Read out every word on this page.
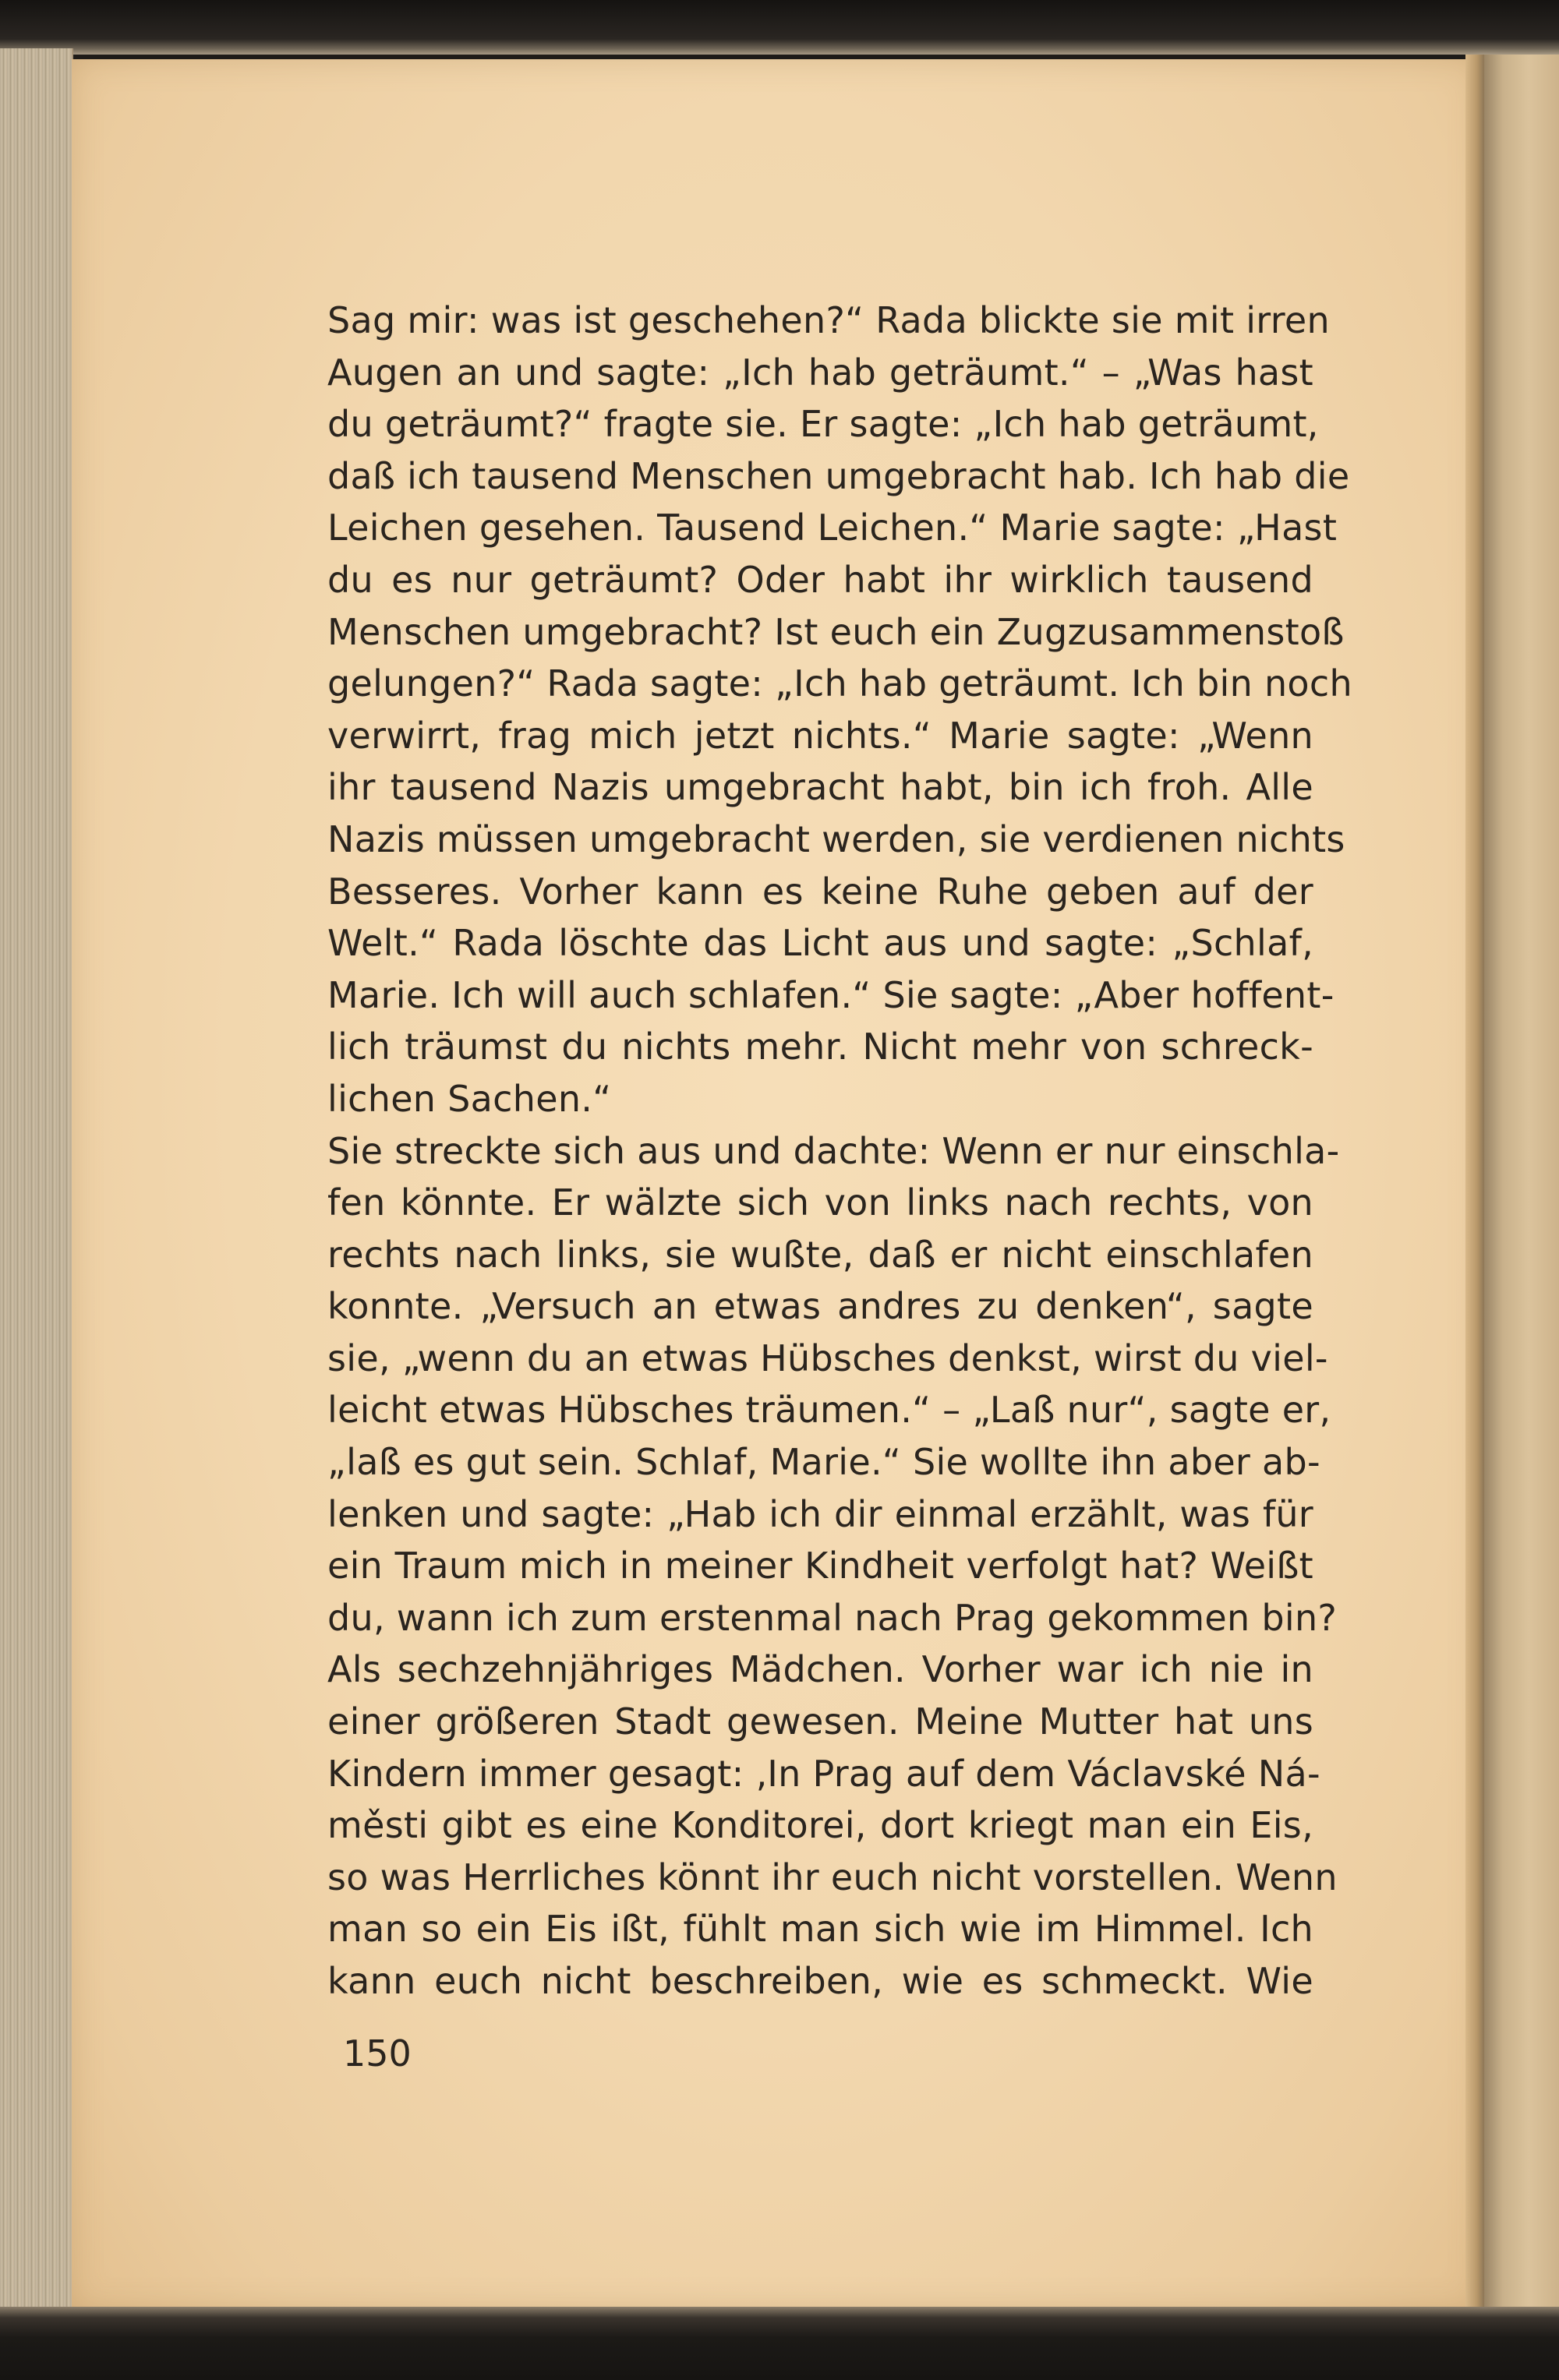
Sag mir: was ist geschehen?“ Rada blickte sie mit irren
Augen an und sagte: „Ich hab geträumt.“ – „Was hast
du geträumt?“ fragte sie. Er sagte: „Ich hab geträumt,
daß ich tausend Menschen umgebracht hab. Ich hab die
Leichen gesehen. Tausend Leichen.“ Marie sagte: „Hast
du es nur geträumt? Oder habt ihr wirklich tausend
Menschen umgebracht? Ist euch ein Zugzusammenstoß
gelungen?“ Rada sagte: „Ich hab geträumt. Ich bin noch
verwirrt, frag mich jetzt nichts.“ Marie sagte: „Wenn
ihr tausend Nazis umgebracht habt, bin ich froh. Alle
Nazis müssen umgebracht werden, sie verdienen nichts
Besseres. Vorher kann es keine Ruhe geben auf der
Welt.“ Rada löschte das Licht aus und sagte: „Schlaf,
Marie. Ich will auch schlafen.“ Sie sagte: „Aber hoffent-
lich träumst du nichts mehr. Nicht mehr von schreck-
lichen Sachen.“
Sie streckte sich aus und dachte: Wenn er nur einschla-
fen könnte. Er wälzte sich von links nach rechts, von
rechts nach links, sie wußte, daß er nicht einschlafen
konnte. „Versuch an etwas andres zu denken“, sagte
sie, „wenn du an etwas Hübsches denkst, wirst du viel-
leicht etwas Hübsches träumen.“ – „Laß nur“, sagte er,
„laß es gut sein. Schlaf, Marie.“ Sie wollte ihn aber ab-
lenken und sagte: „Hab ich dir einmal erzählt, was für
ein Traum mich in meiner Kindheit verfolgt hat? Weißt
du, wann ich zum erstenmal nach Prag gekommen bin?
Als sechzehnjähriges Mädchen. Vorher war ich nie in
einer größeren Stadt gewesen. Meine Mutter hat uns
Kindern immer gesagt: ‚In Prag auf dem Václavské Ná-
městi gibt es eine Konditorei, dort kriegt man ein Eis,
so was Herrliches könnt ihr euch nicht vorstellen. Wenn
man so ein Eis ißt, fühlt man sich wie im Himmel. Ich
kann euch nicht beschreiben, wie es schmeckt. Wie
150
